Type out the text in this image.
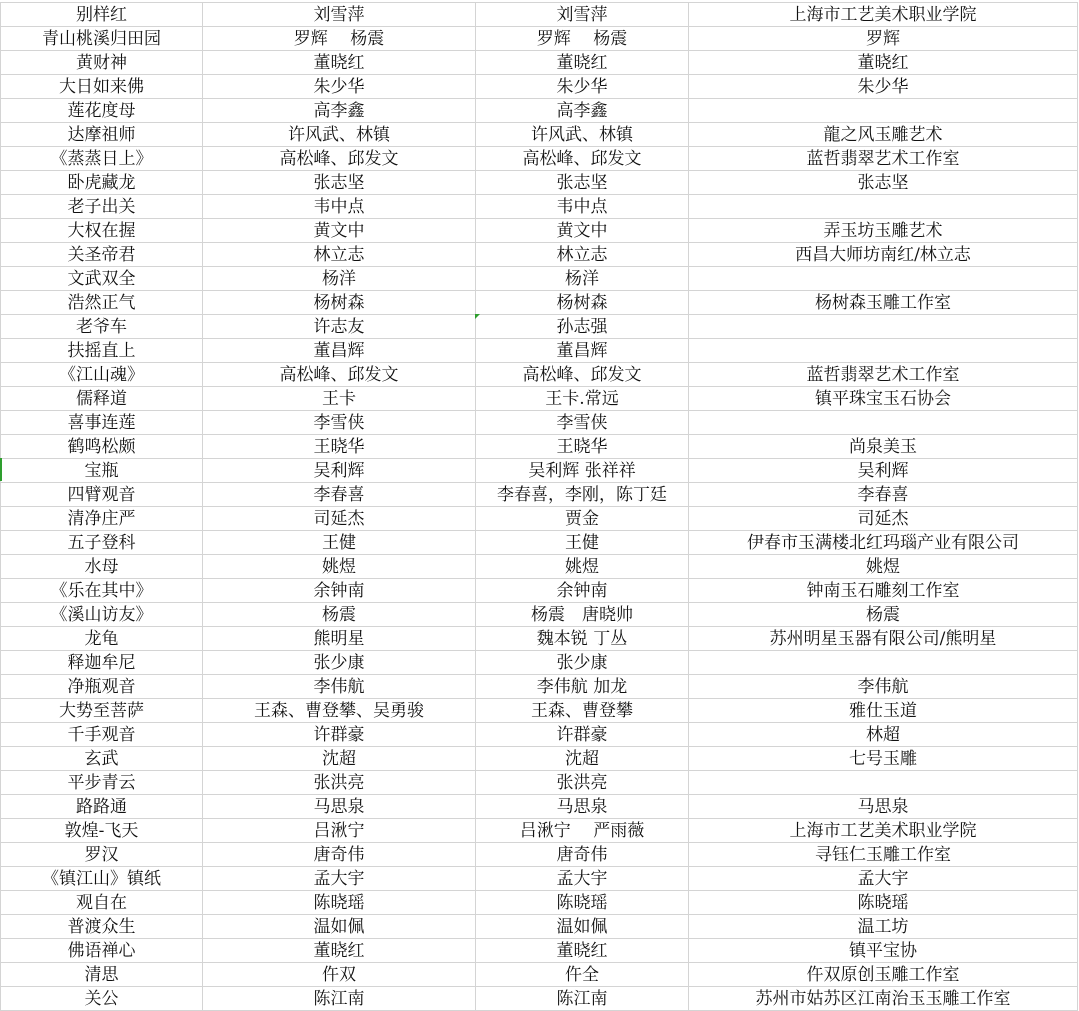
别样红	刘雪萍	刘雪萍	上海市工艺美术职业学院
青山桃溪归田园	罗辉　 杨震	罗辉　 杨震	罗辉
黄财神	董晓红	董晓红	董晓红
大日如来佛	朱少华	朱少华	朱少华
莲花度母	高李鑫	高李鑫	
达摩祖师	许风武、林镇	许风武、林镇	龍之风玉雕艺术
《蒸蒸日上》	高松峰、邱发文	高松峰、邱发文	蓝哲翡翠艺术工作室
卧虎藏龙	张志坚	张志坚	张志坚
老子出关	韦中点	韦中点	
大权在握	黄文中	黄文中	弄玉坊玉雕艺术
关圣帝君	林立志	林立志	西昌大师坊南红/林立志
文武双全	杨洋	杨洋	
浩然正气	杨树森	杨树森	杨树森玉雕工作室
老爷车	许志友	孙志强	
扶摇直上	董昌辉	董昌辉	
《江山魂》	高松峰、邱发文	高松峰、邱发文	蓝哲翡翠艺术工作室
儒释道	王卡	王卡.常远	镇平珠宝玉石协会
喜事连莲	李雪侠	李雪侠	
鹤鸣松颇	王晓华	王晓华	尚泉美玉
宝瓶	吴利辉	吴利辉 张祥祥	吴利辉
四臂观音	李春喜	李春喜，李刚，陈丁廷	李春喜
清净庄严	司延杰	贾金	司延杰
五子登科	王健	王健	伊春市玉满楼北红玛瑙产业有限公司
水母	姚煜	姚煜	姚煜
《乐在其中》	余钟南	余钟南	钟南玉石雕刻工作室
《溪山访友》	杨震	杨震　唐晓帅	杨震
龙龟	熊明星	魏本锐 丁丛	苏州明星玉器有限公司/熊明星
释迦牟尼	张少康	张少康	
净瓶观音	李伟航	李伟航 加龙	李伟航
大势至菩萨	王森、曹登攀、吴勇骏	王森、曹登攀	雅仕玉道
千手观音	许群豪	许群豪	林超
玄武	沈超	沈超	七号玉雕
平步青云	张洪亮	张洪亮	
路路通	马思泉	马思泉	马思泉
敦煌-飞天	吕湫宁	吕湫宁　 严雨薇	上海市工艺美术职业学院
罗汉	唐奇伟	唐奇伟	寻钰仁玉雕工作室
《镇江山》镇纸	孟大宇	孟大宇	孟大宇
观自在	陈晓瑶	陈晓瑶	陈晓瑶
普渡众生	温如佩	温如佩	温工坊
佛语禅心	董晓红	董晓红	镇平宝协
清思	仵双	仵全	仵双原创玉雕工作室
关公	陈江南	陈江南	苏州市姑苏区江南治玉玉雕工作室
